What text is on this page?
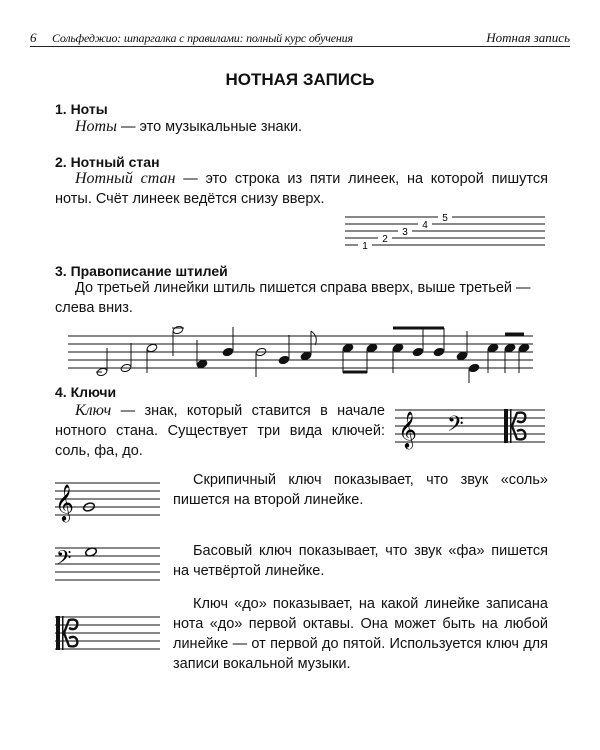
6 Сольфеджио: шпаргалка с правилами: полный курс обучения	Нотная запись
НОТНАЯ ЗАПИСЬ
1. Ноты
Ноты — это музыкальные знаки.
2. Нотный стан
Нотный стан — это строка из пяти линеек, на которой пишутся ноты. Счёт линеек ведётся снизу вверх.
1
2
3
4
5
3. Правописание штилей
До третьей линейки штиль пишется справа вверх, выше третьей — слева вниз.
4. Ключи
Ключ — знак, который ставится в начале нотного стана. Существует три вида ключей: соль, фа, до.
𝄞 𝄢
𝄞
Скрипичный ключ показывает, что звук «соль» пишется на второй линейке.
𝄢	Басовый ключ показывает, что звук «фа» пишется на четвёртой линейке.
Ключ «до» показывает, на какой линейке записана нота «до» первой октавы. Она может быть на любой линейке — от первой до пятой. Используется ключ для записи вокальной музыки.
